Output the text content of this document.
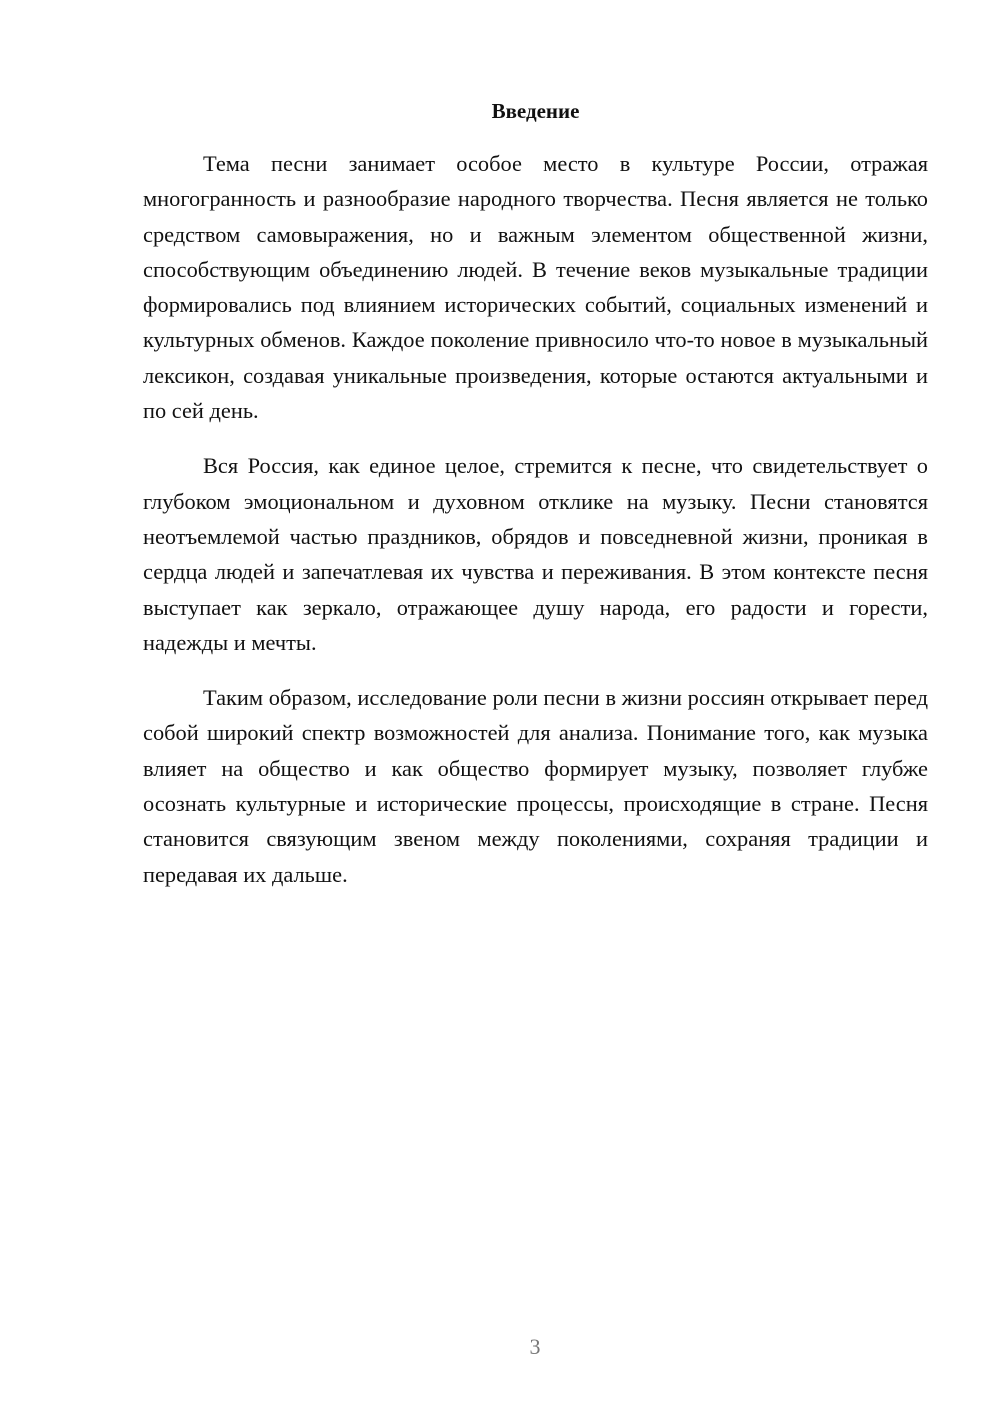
Введение

Тема песни занимает особое место в культуре России, отражая многогранность и разнообразие народного творчества. Песня является не только средством самовыражения, но и важным элементом общественной жизни, способствующим объединению людей. В течение веков музыкальные традиции формировались под влиянием исторических событий, социальных изменений и культурных обменов. Каждое поколение привносило что-то новое в музыкальный лексикон, создавая уникальные произведения, которые остаются актуальными и по сей день.

Вся Россия, как единое целое, стремится к песне, что свидетельствует о глубоком эмоциональном и духовном отклике на музыку. Песни становятся неотъемлемой частью праздников, обрядов и повседневной жизни, проникая в сердца людей и запечатлевая их чувства и переживания. В этом контексте песня выступает как зеркало, отражающее душу народа, его радости и горести, надежды и мечты.

Таким образом, исследование роли песни в жизни россиян открывает перед собой широкий спектр возможностей для анализа. Понимание того, как музыка влияет на общество и как общество формирует музыку, позволяет глубже осознать культурные и исторические процессы, происходящие в стране. Песня становится связующим звеном между поколениями, сохраняя традиции и передавая их дальше.

3
